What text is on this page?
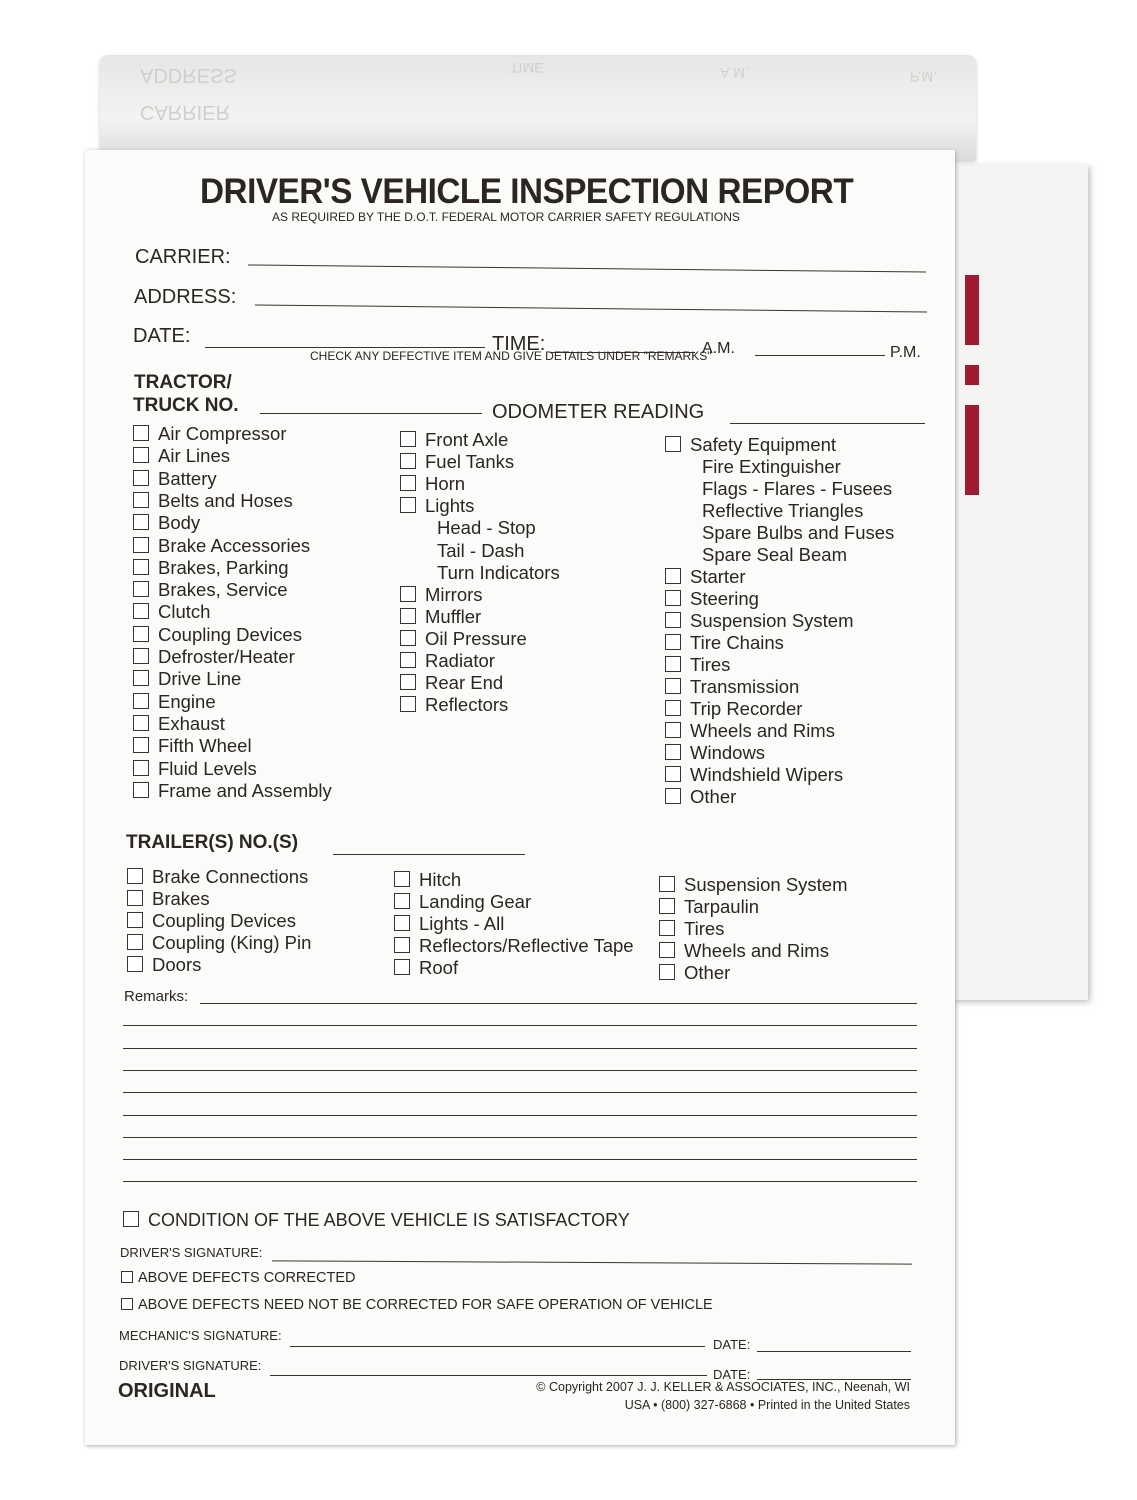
ADDRESS
CARRIER
TIME	A.M.	P.M.
DRIVER'S VEHICLE INSPECTION REPORT
AS REQUIRED BY THE D.O.T. FEDERAL MOTOR CARRIER SAFETY REGULATIONS
CARRIER:
ADDRESS:
DATE:	TIME:	A.M.	P.M.
CHECK ANY DEFECTIVE ITEM AND GIVE DETAILS UNDER "REMARKS"
TRACTOR/
TRUCK NO.	ODOMETER READING
Air Compressor
Air Lines
Battery
Belts and Hoses
Body
Brake Accessories
Brakes, Parking
Brakes, Service
Clutch
Coupling Devices
Defroster/Heater
Drive Line
Engine
Exhaust
Fifth Wheel
Fluid Levels
Frame and Assembly
Front Axle
Fuel Tanks
Horn
Lights
Head - Stop
Tail - Dash
Turn Indicators
Mirrors
Muffler
Oil Pressure
Radiator
Rear End
Reflectors
Safety Equipment
Fire Extinguisher
Flags - Flares - Fusees
Reflective Triangles
Spare Bulbs and Fuses
Spare Seal Beam
Starter
Steering
Suspension System
Tire Chains
Tires
Transmission
Trip Recorder
Wheels and Rims
Windows
Windshield Wipers
Other
TRAILER(S) NO.(S)
Brake Connections
Brakes
Coupling Devices
Coupling (King) Pin
Doors
Hitch
Landing Gear
Lights - All
Reflectors/Reflective Tape
Roof
Suspension System
Tarpaulin
Tires
Wheels and Rims
Other
Remarks:
CONDITION OF THE ABOVE VEHICLE IS SATISFACTORY
DRIVER'S SIGNATURE:
ABOVE DEFECTS CORRECTED
ABOVE DEFECTS NEED NOT BE CORRECTED FOR SAFE OPERATION OF VEHICLE
MECHANIC'S SIGNATURE:
DATE:
DRIVER'S SIGNATURE:
DATE:
ORIGINAL	© Copyright 2007 J. J. KELLER & ASSOCIATES, INC., Neenah, WI
USA • (800) 327-6868 • Printed in the United States
